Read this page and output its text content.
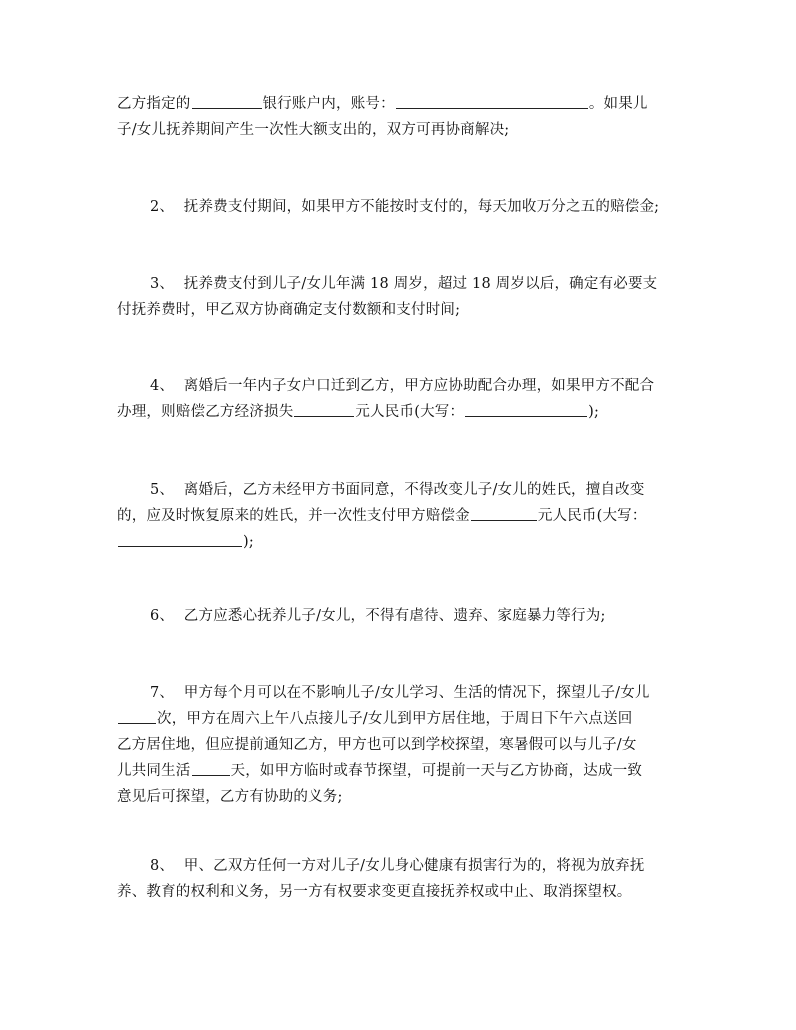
乙方指定的	银行账户内，账号：	。如果儿
子/女儿抚养期间产生一次性大额支出的，双方可再协商解决;
2、 抚养费支付期间，如果甲方不能按时支付的，每天加收万分之五的赔偿金;
3、 抚养费支付到儿子/女儿年满 18 周岁，超过 18 周岁以后，确定有必要支
付抚养费时，甲乙双方协商确定支付数额和支付时间;
4、 离婚后一年内子女户口迁到乙方，甲方应协助配合办理，如果甲方不配合
办理，则赔偿乙方经济损失	元人民币(大写：	);
5、 离婚后，乙方未经甲方书面同意，不得改变儿子/女儿的姓氏，擅自改变
的，应及时恢复原来的姓氏，并一次性支付甲方赔偿金	元人民币(大写：
);
6、 乙方应悉心抚养儿子/女儿，不得有虐待、遗弃、家庭暴力等行为;
7、 甲方每个月可以在不影响儿子/女儿学习、生活的情况下，探望儿子/女儿
次，甲方在周六上午八点接儿子/女儿到甲方居住地，于周日下午六点送回
乙方居住地，但应提前通知乙方，甲方也可以到学校探望，寒暑假可以与儿子/女
儿共同生活	天，如甲方临时或春节探望，可提前一天与乙方协商，达成一致
意见后可探望，乙方有协助的义务;
8、 甲、乙双方任何一方对儿子/女儿身心健康有损害行为的，将视为放弃抚
养、教育的权利和义务，另一方有权要求变更直接抚养权或中止、取消探望权。
